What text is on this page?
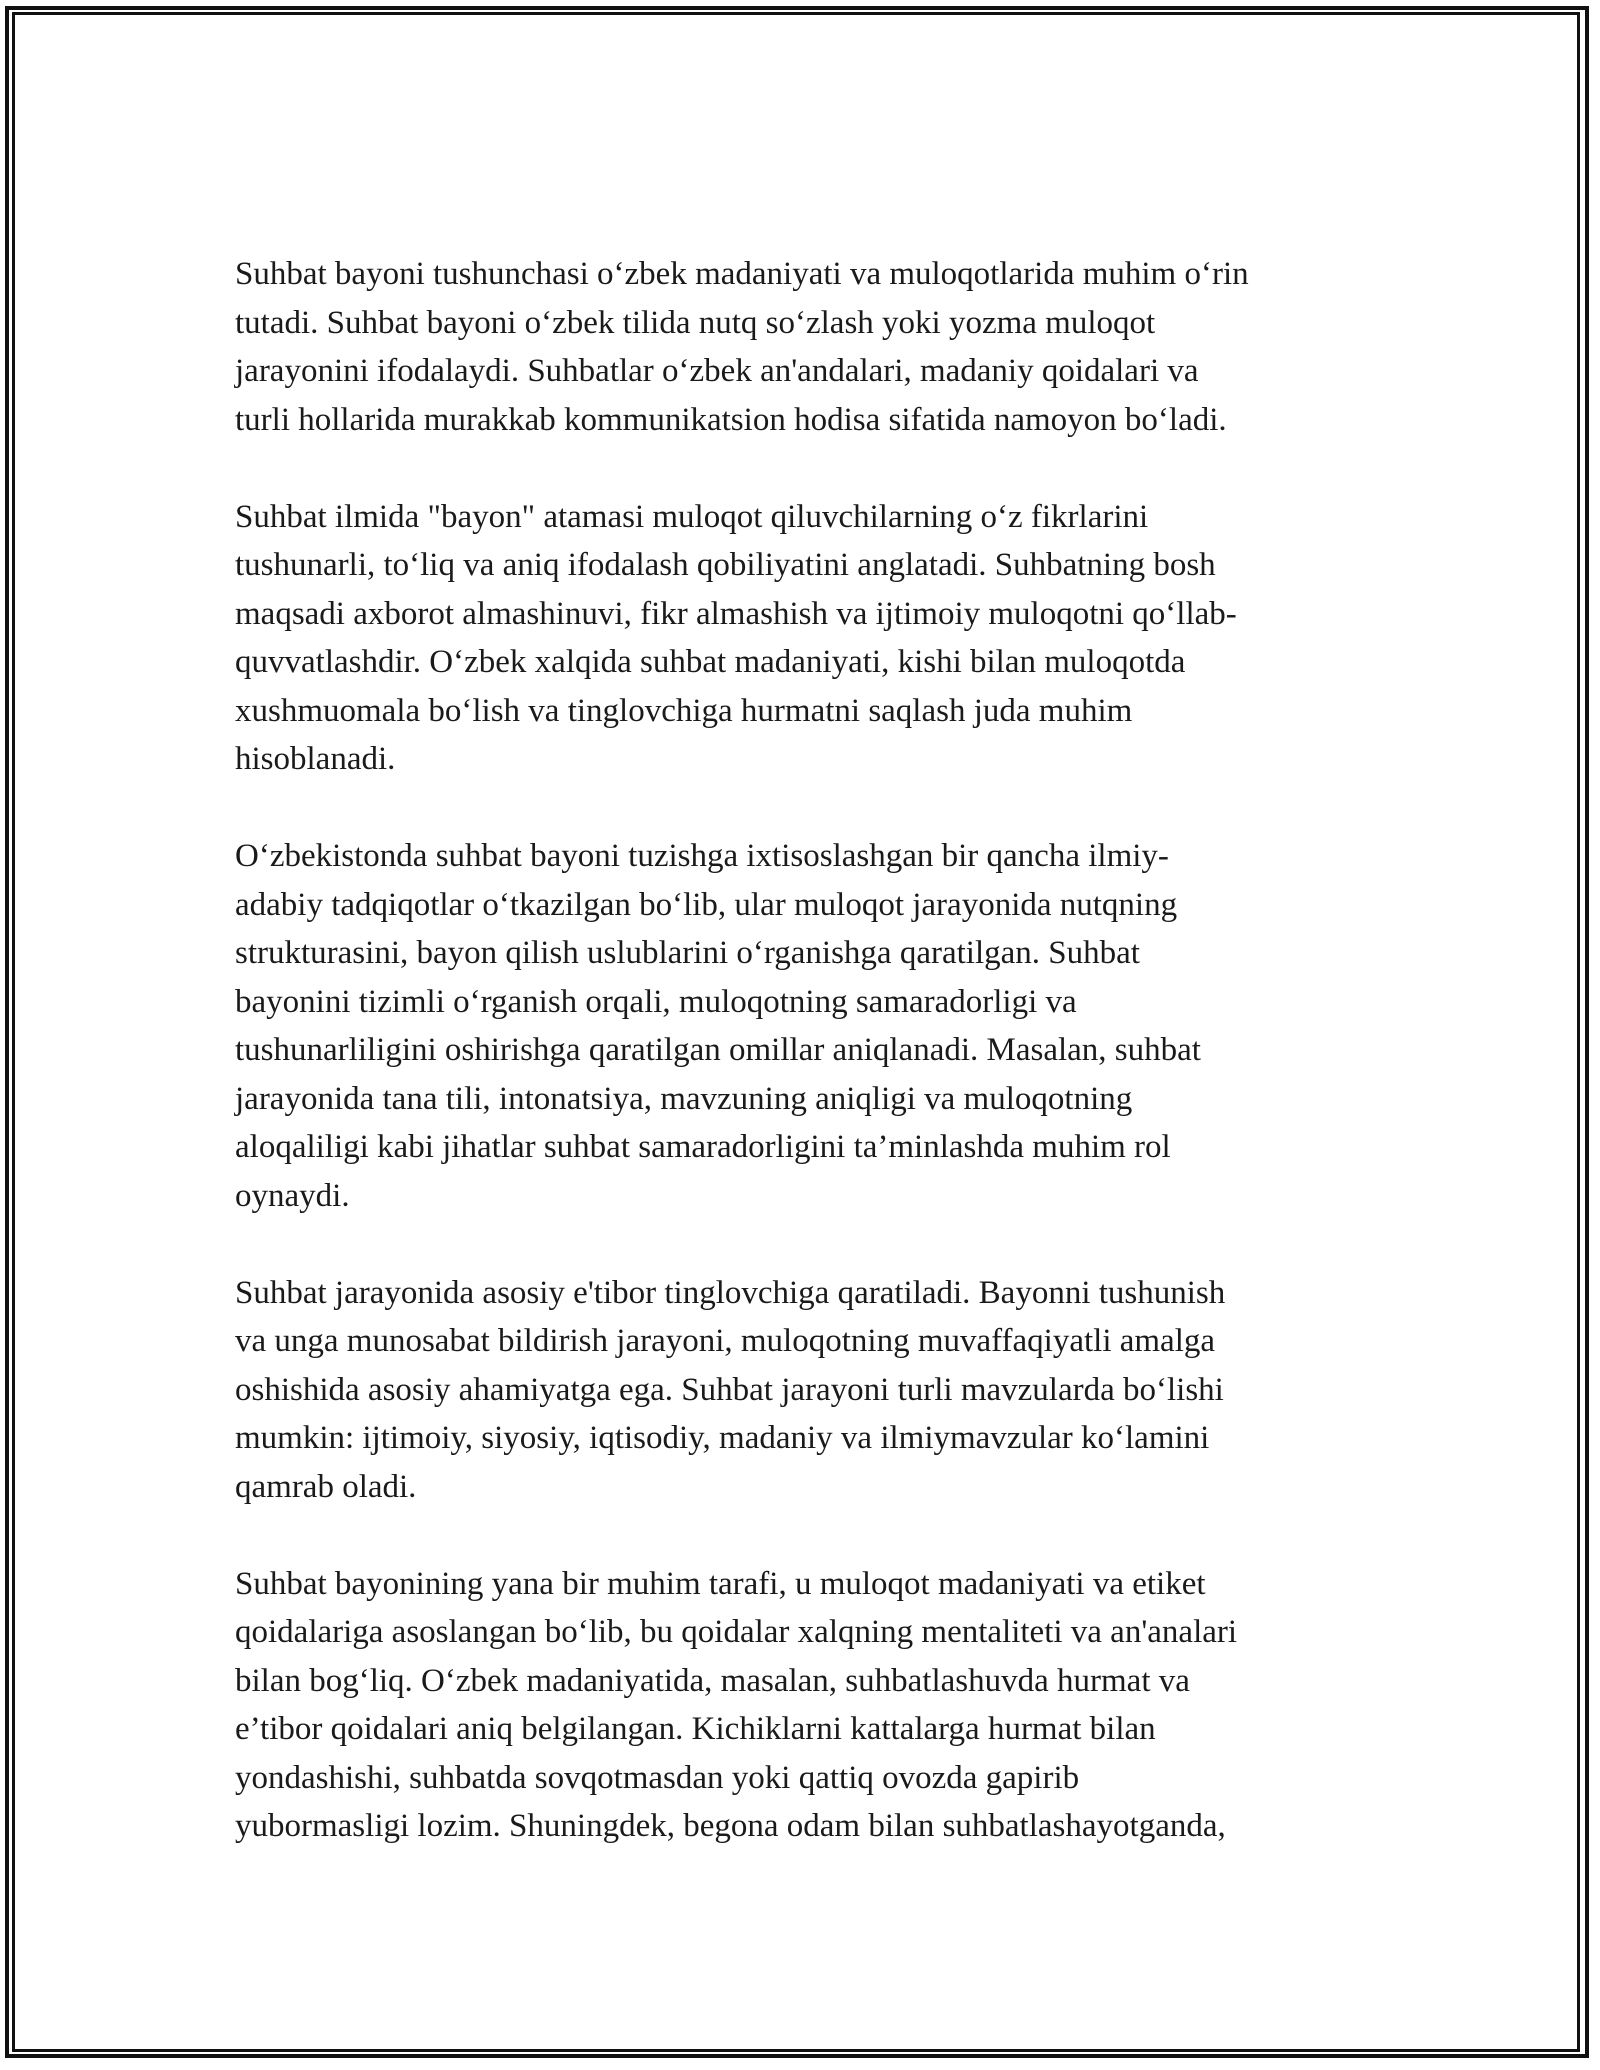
Suhbat bayoni tushunchasi o‘zbek madaniyati va muloqotlarida muhim o‘rin
tutadi. Suhbat bayoni o‘zbek tilida nutq so‘zlash yoki yozma muloqot
jarayonini ifodalaydi. Suhbatlar o‘zbek an'andalari, madaniy qoidalari va
turli hollarida murakkab kommunikatsion hodisa sifatida namoyon bo‘ladi.

Suhbat ilmida "bayon" atamasi muloqot qiluvchilarning o‘z fikrlarini
tushunarli, to‘liq va aniq ifodalash qobiliyatini anglatadi. Suhbatning bosh
maqsadi axborot almashinuvi, fikr almashish va ijtimoiy muloqotni qo‘llab-
quvvatlashdir. O‘zbek xalqida suhbat madaniyati, kishi bilan muloqotda
xushmuomala bo‘lish va tinglovchiga hurmatni saqlash juda muhim
hisoblanadi.

O‘zbekistonda suhbat bayoni tuzishga ixtisoslashgan bir qancha ilmiy-
adabiy tadqiqotlar o‘tkazilgan bo‘lib, ular muloqot jarayonida nutqning
strukturasini, bayon qilish uslublarini o‘rganishga qaratilgan. Suhbat
bayonini tizimli o‘rganish orqali, muloqotning samaradorligi va
tushunarliligini oshirishga qaratilgan omillar aniqlanadi. Masalan, suhbat
jarayonida tana tili, intonatsiya, mavzuning aniqligi va muloqotning
aloqaliligi kabi jihatlar suhbat samaradorligini ta’minlashda muhim rol
oynaydi.

Suhbat jarayonida asosiy e'tibor tinglovchiga qaratiladi. Bayonni tushunish
va unga munosabat bildirish jarayoni, muloqotning muvaffaqiyatli amalga
oshishida asosiy ahamiyatga ega. Suhbat jarayoni turli mavzularda bo‘lishi
mumkin: ijtimoiy, siyosiy, iqtisodiy, madaniy va ilmiymavzular ko‘lamini
qamrab oladi.

Suhbat bayonining yana bir muhim tarafi, u muloqot madaniyati va etiket
qoidalariga asoslangan bo‘lib, bu qoidalar xalqning mentaliteti va an'analari
bilan bog‘liq. O‘zbek madaniyatida, masalan, suhbatlashuvda hurmat va
e’tibor qoidalari aniq belgilangan. Kichiklarni kattalarga hurmat bilan
yondashishi, suhbatda sovqotmasdan yoki qattiq ovozda gapirib
yubormasligi lozim. Shuningdek, begona odam bilan suhbatlashayotganda,
